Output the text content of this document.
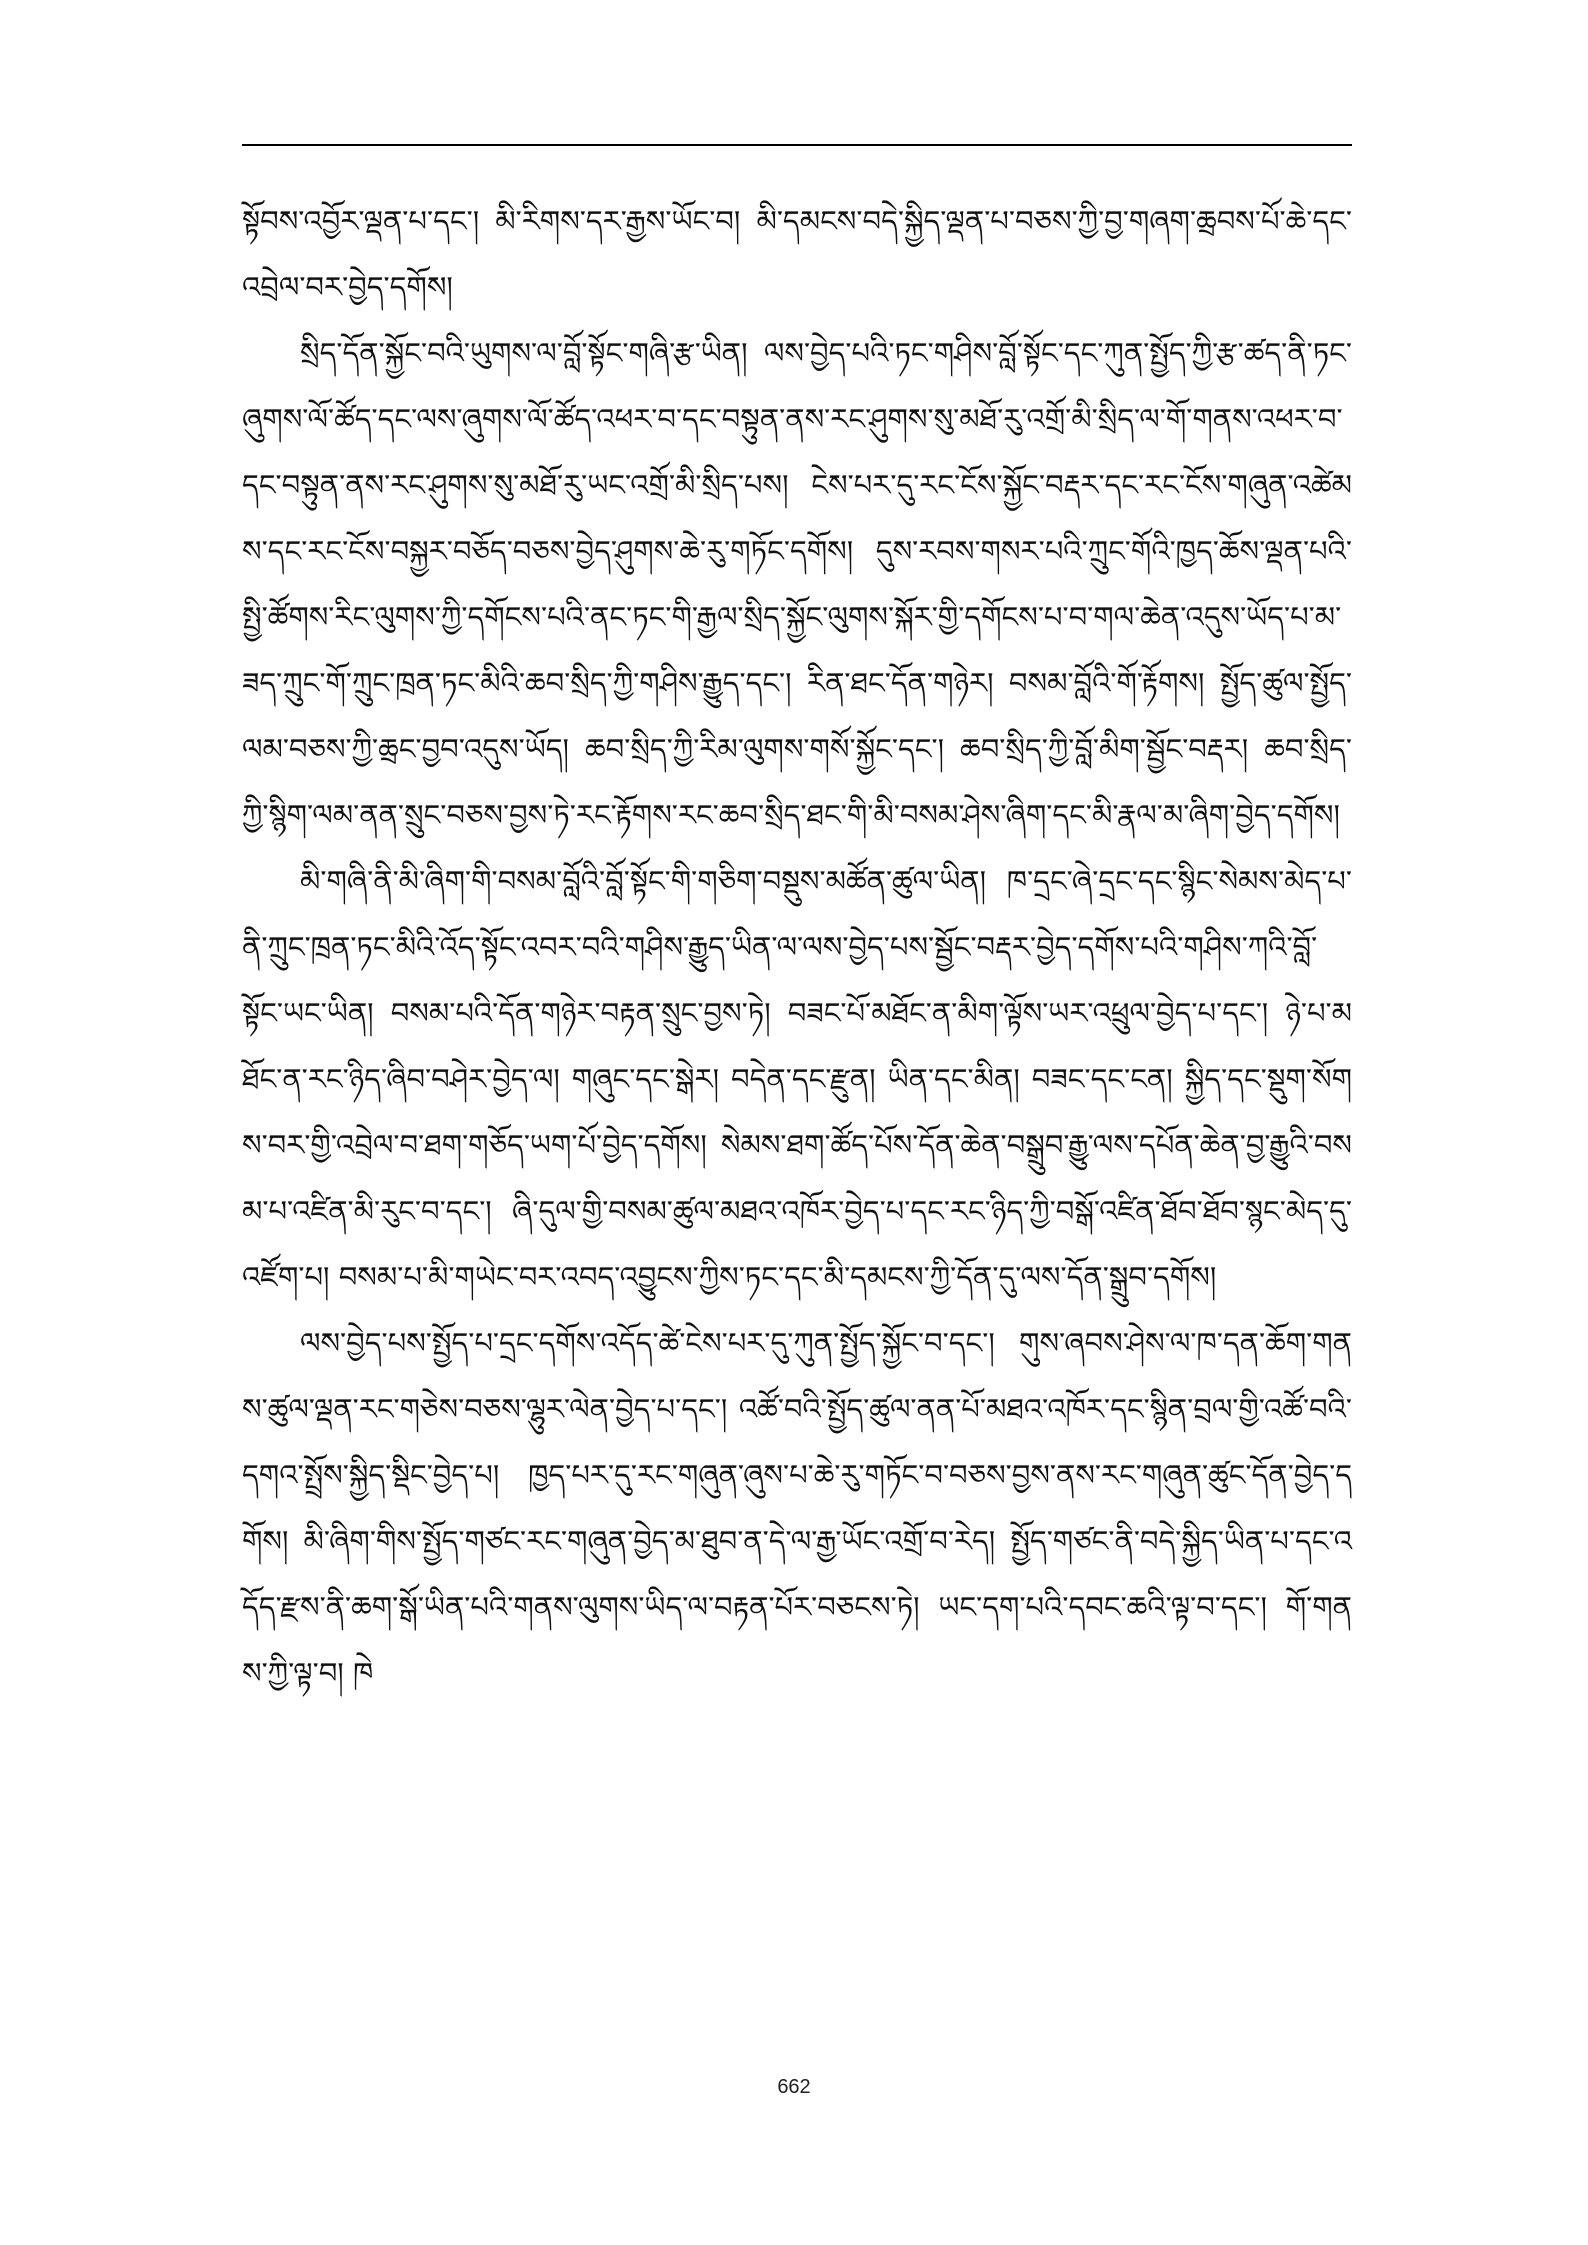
སྟོབས་འབྱོར་ལྡན་པ་དང་། མི་རིགས་དར་རྒྱས་ཡོང་བ། མི་དམངས་བདེ་སྐྱིད་ལྡན་པ་བཅས་ཀྱི་བྱ་གཞག་ཆྲབས་པོ་ཆེ་དང་འབྲེལ་བར་བྱེད་དགོས།

སྲིད་དོན་སྐྱོང་བའི་ཡུགས་ལ་བློ་སྟོང་གཞི་རྩ་ཡིན། ལས་བྱེད་པའི་ཏང་གཤིས་བློ་སྟོང་དང་ཀུན་སྤྱོད་ཀྱི་རྩ་ཚད་ནི་ཏང་ཞུགས་ལོ་ཚོད་དང་ལས་ཞུགས་ལོ་ཚོད་འཕར་བ་དང་བསྟུན་ནས་རང་ཤུགས་སུ་མཐོ་རུ་འགྲོ་མི་སྲིད་ལ་གོ་གནས་འཕར་བ་དང་བསྟུན་ནས་རང་ཤུགས་སུ་མཐོ་རུ་ཡང་འགྲོ་མི་སྲིད་པས། ངེས་པར་དུ་རང་ངོས་སྐྱོང་བརྡར་དང་རང་ངོས་གཞུན་འཚེམས་དང་རང་ངོས་བསྐྱར་བཅོད་བཅས་བྱེད་ཤུགས་ཆེ་རུ་གཏོང་དགོས། དུས་རབས་གསར་པའི་ཀྲུང་གོའི་ཁྱད་ཆོས་ལྡན་པའི་སྤྱི་ཚོགས་རིང་ལུགས་ཀྱི་དགོངས་པའི་ནང་ཏང་གི་རྒྱལ་སྲིད་སྐྱོང་ལུགས་སྐོར་གྱི་དགོངས་པ་བ་གལ་ཆེན་འདུས་ཡོད་པ་མ་ཟད་ཀྲུང་གོ་ཀྲུང་ཁྲན་ཏང་མིའི་ཆབ་སྲིད་ཀྱི་གཤིས་རྒྱུད་དང་། རིན་ཐང་དོན་གཉེར། བསམ་བློའི་གོ་རྟོགས། སྤྱོད་ཚུལ་སྤྱོད་ལམ་བཅས་ཀྱི་ཆྲང་བྱབ་འདུས་ཡོད། ཆབ་སྲིད་ཀྱི་རིམ་ལུགས་གསོ་སྐྱོང་དང་། ཆབ་སྲིད་ཀྱི་བློ་མིག་སྦྱོང་བརྡར། ཆབ་སྲིད་ཀྱི་སྙིག་ལམ་ནན་སྲུང་བཅས་བྱས་ཏེ་རང་རྟོགས་རང་ཆབ་སྲིད་ཐང་གི་མི་བསམ་ཤེས་ཞིག་དང་མི་རྣལ་མ་ཞིག་བྱེད་དགོས།

མི་གཞི་ནི་མི་ཞིག་གི་བསམ་བློའི་བློ་སྟོང་གི་གཅིག་བསྡུས་མཚོན་ཚུལ་ཡིན། ཁ་དྲང་ཞེ་དྲང་དང་སྙིང་སེམས་མེད་པ་ནི་ཀྲུང་ཁྲན་ཏང་མིའི་འོད་སྟོང་འབར་བའི་གཤིས་རྒྱུད་ཡིན་ལ་ལས་བྱེད་པས་སྦྱོང་བརྡར་བྱེད་དགོས་པའི་གཤིས་ཀའི་བློ་སྟོང་ཡང་ཡིན། བསམ་པའི་དོན་གཉེར་བརྟན་སྲུང་བྱས་ཏེ། བཟང་པོ་མཐོང་ན་མིག་ལྟོས་ཡར་འཕྲུལ་བྱེད་པ་དང་། ཉེ་པ་མཐོང་ན་རང་ཉིད་ཞིབ་བཤེར་བྱེད་ལ། གཞུང་དང་སྒེར། བདེན་དང་རྫུན། ཡིན་དང་མིན། བཟང་དང་ངན། སྐྱིད་དང་སྡུག་སོགས་བར་གྱི་འབྲེལ་བ་ཐག་གཅོད་ཡག་པོ་བྱེད་དགོས། སེམས་ཐག་ཚོད་པོས་དོན་ཆེན་བསྒྲུབ་རྒྱུ་ལས་དཔོན་ཆེན་བྱ་རྒྱུའི་བསམ་པ་འཛིན་མི་རུང་བ་དང་། ཞི་དུལ་གྱི་བསམ་ཚུལ་མཐའ་འཁོར་བྱེད་པ་དང་རང་ཉིད་ཀྱི་བསྒོ་འཛིན་ཐོབ་ཐོབ་སྙང་མེད་དུ་འཛོག་པ། བསམ་པ་མི་གཡེང་བར་འབད་འབྱུངས་ཀྱིས་ཏང་དང་མི་དམངས་ཀྱི་དོན་དུ་ལས་དོན་སྒྲུབ་དགོས།

ལས་བྱེད་པས་སྤྱོད་པ་དྲང་དགོས་འདོད་ཚེ་ངེས་པར་དུ་ཀུན་སྤྱོད་སྐྱོང་བ་དང་། གུས་ཞབས་ཤེས་ལ་ཁ་དན་ཆོག་གནས་ཚུལ་ལྡན་རང་གཅེས་བཅས་ལྷུར་ལེན་བྱེད་པ་དང་། འཚོ་བའི་སྤྱོད་ཚུལ་ནན་པོ་མཐའ་འཁོར་དང་སྙིན་བྲལ་གྱི་འཚོ་བའི་དགའ་སྤྲོས་སྐྱིད་སྡིང་བྱེད་པ། ཁྱད་པར་དུ་རང་གཞུན་ཞུས་པ་ཆེ་རུ་གཏོང་བ་བཅས་བྱས་ནས་རང་གཞུན་ཚུང་དོན་བྱེད་དགོས། མི་ཞིག་གིས་སྤྱོད་གཙང་རང་གཞུན་བྱེད་མ་ཐུབ་ན་དེ་ལ་རྒྱ་ཡོང་འགྲོ་བ་རེད། སྤྱོད་གཙང་ནི་བདེ་སྐྱིད་ཡིན་པ་དང་འདོད་རྫས་ནི་ཆག་སྒོ་ཡིན་པའི་གནས་ལུགས་ཡིད་ལ་བརྟན་པོར་བཅངས་ཏེ། ཡང་དག་པའི་དབང་ཆའི་ལྟ་བ་དང་། གོ་གནས་ཀྱི་ལྟ་བ། ཁེ

662
